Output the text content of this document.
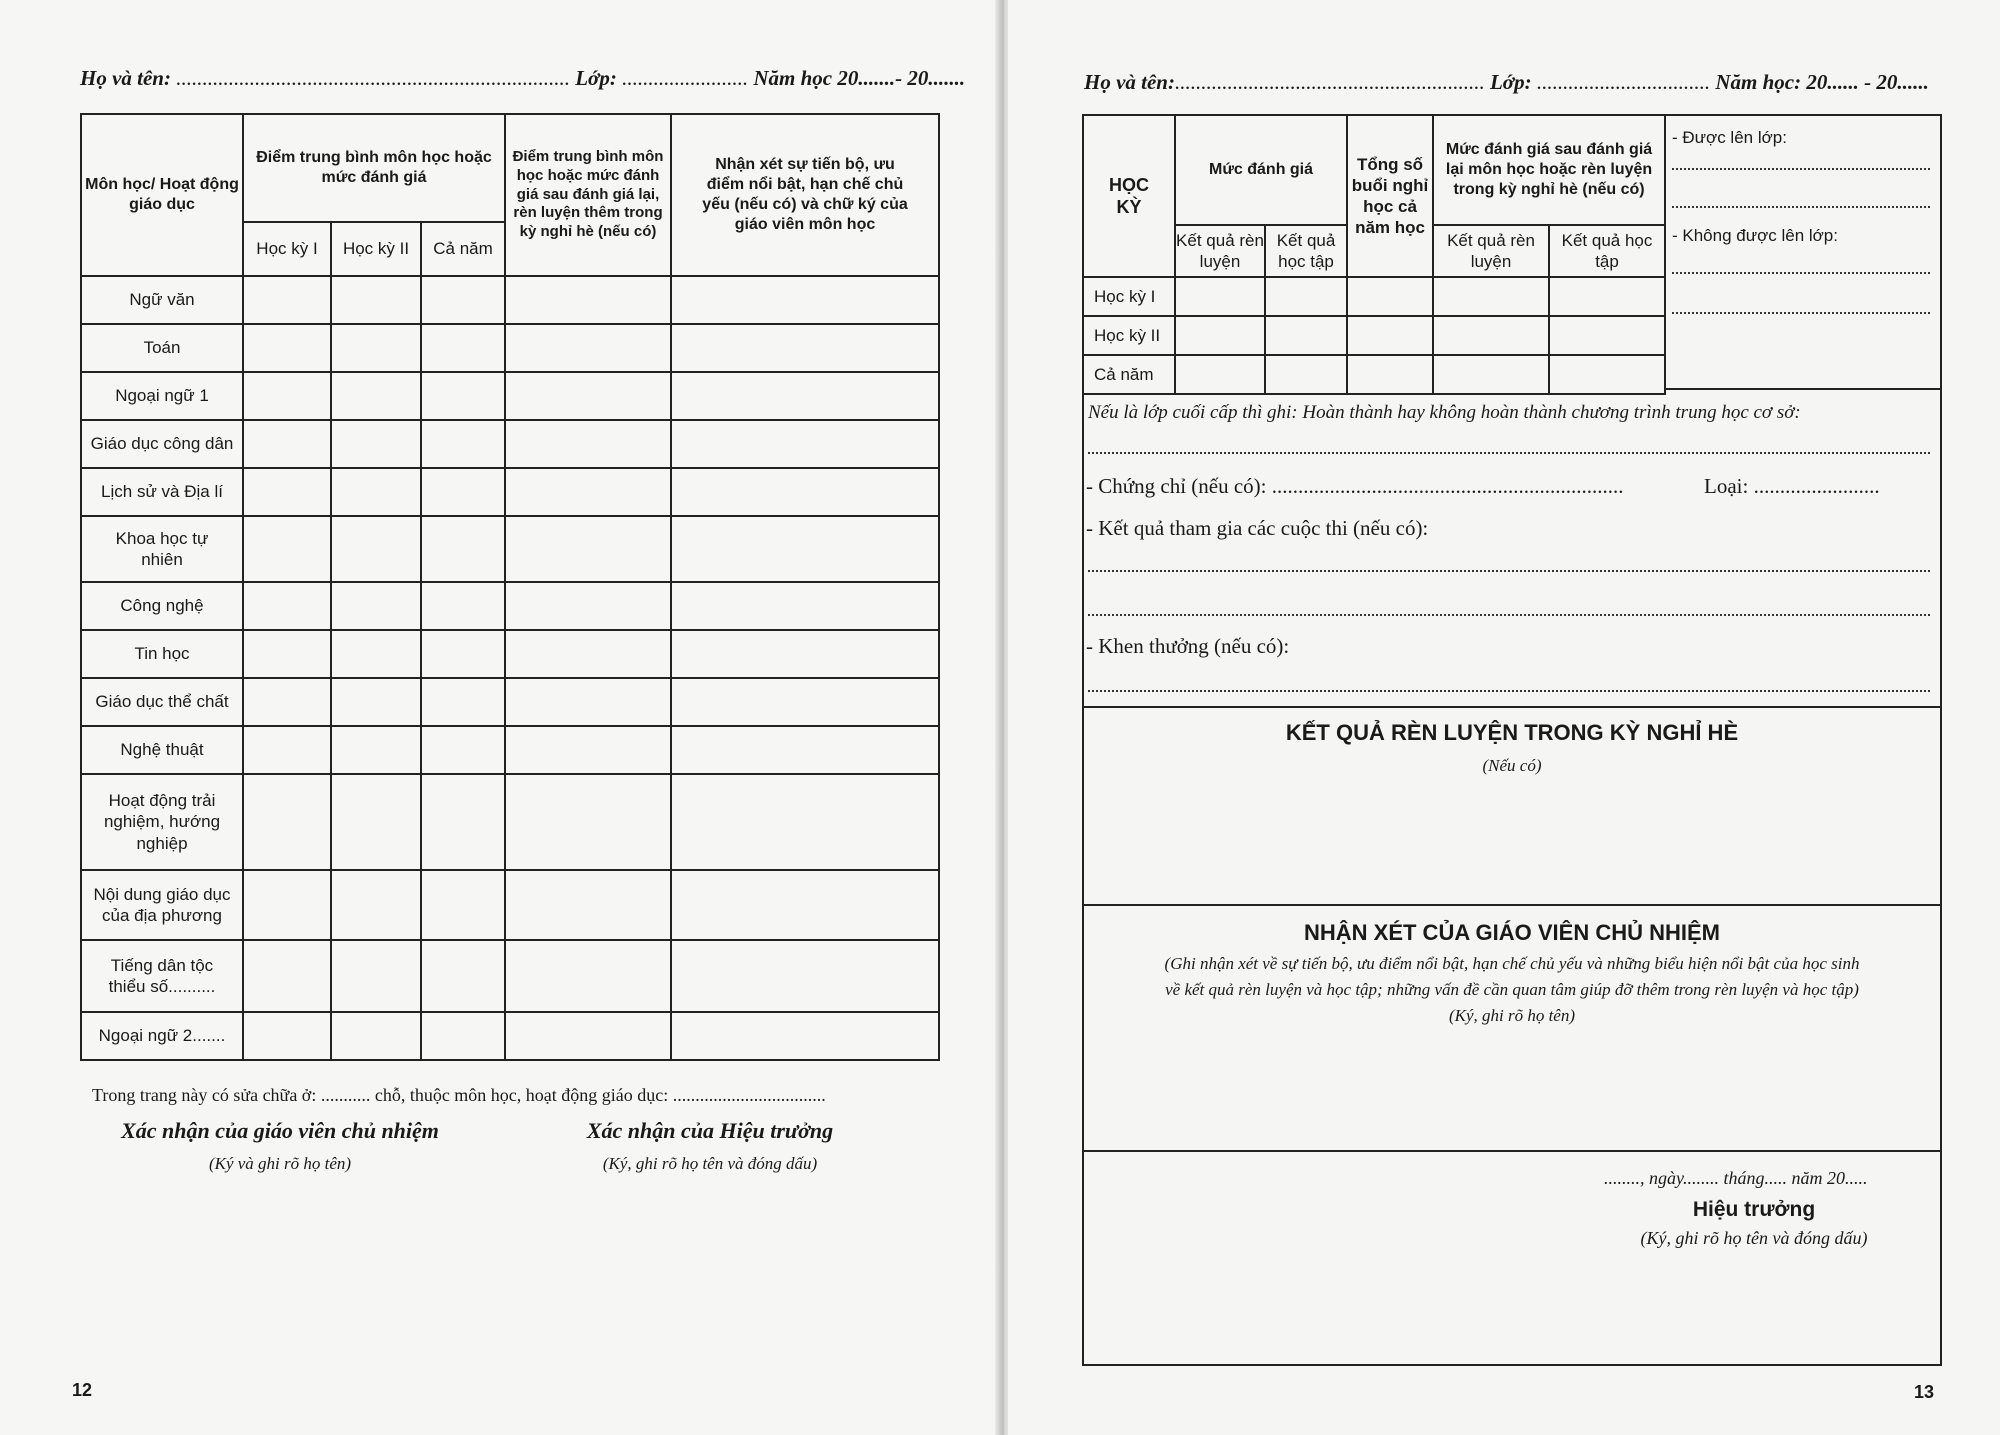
Họ và tên: ........................................................................... Lớp: ........................ Năm học 20.......- 20.......
Môn học/ Hoạt động giáo dục	Điểm trung bình môn học hoặc mức đánh giá			Điểm trung bình môn học hoặc mức đánh giá sau đánh giá lại, rèn luyện thêm trong kỳ nghỉ hè (nếu có)	Nhận xét sự tiến bộ, ưu điểm nổi bật, hạn chế chủ yếu (nếu có) và chữ ký của giáo viên môn học
	Học kỳ I	Học kỳ II	Cả năm		
Ngữ văn					
Toán					
Ngoại ngữ 1					
Giáo dục công dân					
Lịch sử và Địa lí					
Khoa học tự nhiên					
Công nghệ					
Tin học					
Giáo dục thể chất					
Nghệ thuật					
Hoạt động trải nghiệm, hướng nghiệp					
Nội dung giáo dục của địa phương					
Tiếng dân tộc thiểu số..........					
Ngoại ngữ 2.......					
Trong trang này có sửa chữa ở: ........... chỗ, thuộc môn học, hoạt động giáo dục: ..................................
Xác nhận của giáo viên chủ nhiệm
(Ký và ghi rõ họ tên)
Xác nhận của Hiệu trưởng
(Ký, ghi rõ họ tên và đóng dấu)
12
Họ và tên:........................................................... Lớp: ................................. Năm học: 20...... - 20......
HỌC KỲ	Mức đánh giá		Tổng số buổi nghỉ học cả năm học	Mức đánh giá sau đánh giá lại môn học hoặc rèn luyện trong kỳ nghỉ hè (nếu có)	
	Kết quả rèn luyện	Kết quả học tập		Kết quả rèn luyện	Kết quả học tập
Học kỳ I					
Học kỳ II					
Cả năm					
- Được lên lớp:
- Không được lên lớp:
Nếu là lớp cuối cấp thì ghi: Hoàn thành hay không hoàn thành chương trình trung học cơ sở:
- Chứng chỉ (nếu có): ...................................................................	Loại: ........................
- Kết quả tham gia các cuộc thi (nếu có):
- Khen thưởng (nếu có):
KẾT QUẢ RÈN LUYỆN TRONG KỲ NGHỈ HÈ
(Nếu có)
NHẬN XÉT CỦA GIÁO VIÊN CHỦ NHIỆM
(Ghi nhận xét về sự tiến bộ, ưu điểm nổi bật, hạn chế chủ yếu và những biểu hiện nổi bật của học sinh
về kết quả rèn luyện và học tập; những vấn đề cần quan tâm giúp đỡ thêm trong rèn luyện và học tập)
(Ký, ghi rõ họ tên)
........, ngày........ tháng..... năm 20.....
Hiệu trưởng
(Ký, ghi rõ họ tên và đóng dấu)
13
